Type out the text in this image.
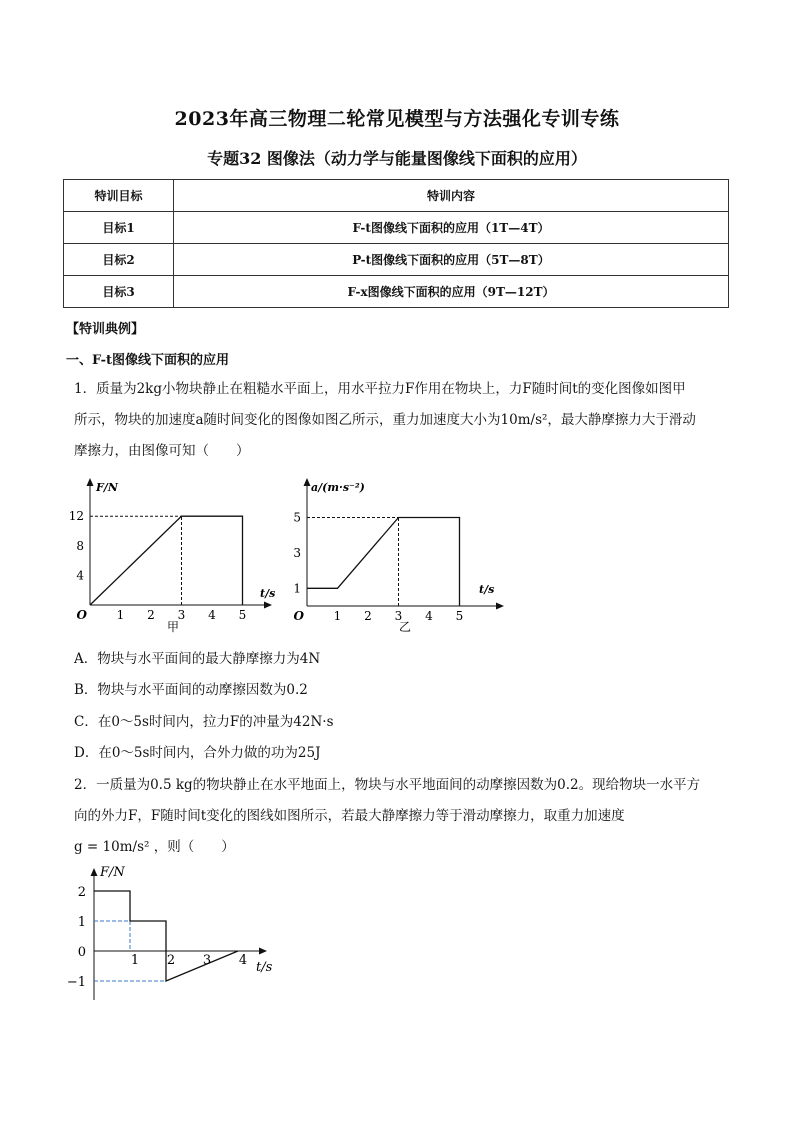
2023年高三物理二轮常见模型与方法强化专训专练
专题32 图像法（动力学与能量图像线下面积的应用）
特训目标	特训内容
目标1	F-t图像线下面积的应用（1T—4T）
目标2	P-t图像线下面积的应用（5T—8T）
目标3	F-x图像线下面积的应用（9T—12T）
【特训典例】
一、F-t图像线下面积的应用
1．质量为2kg小物块静止在粗糙水平面上，用水平拉力F作用在物块上，力F随时间t的变化图像如图甲
所示，物块的加速度a随时间变化的图像如图乙所示，重力加速度大小为10m/s²，最大静摩擦力大于滑动
摩擦力，由图像可知（　　）
1 2 3 4 5
4
8
12
O
t/s
F/N
甲
1 2 3 4 5
1
3
5
O
t/s
a/(m·s⁻²)
乙
A．物块与水平面间的最大静摩擦力为4N
B．物块与水平面间的动摩擦因数为0.2
C．在0～5s时间内，拉力F的冲量为42N·s
D．在0～5s时间内，合外力做的功为25J
2．一质量为0.5 kg的物块静止在水平地面上，物块与水平地面间的动摩擦因数为0.2。现给物块一水平方
向的外力F，F随时间t变化的图线如图所示，若最大静摩擦力等于滑动摩擦力，取重力加速度
g = 10m/s² ，则（　　）
1 2 3 4
2
1
0
−1
t/s
F/N
